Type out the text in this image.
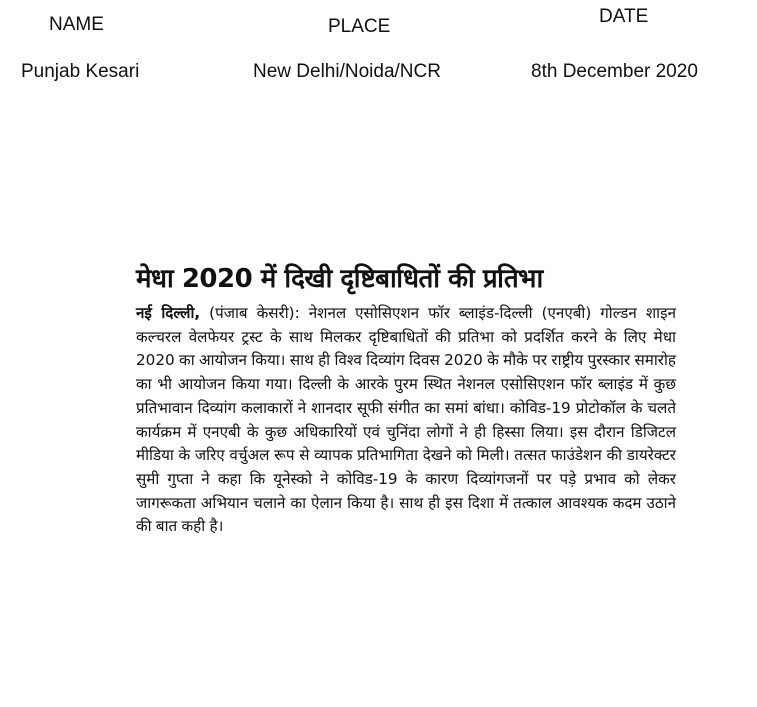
NAME	PLACE	DATE
Punjab Kesari	New Delhi/Noida/NCR	8th December 2020
मेधा 2020 में दिखी दृष्टिबाधितों की प्रतिभा

नई दिल्ली, (पंजाब केसरी): नेशनल एसोसिएशन फॉर ब्लाइंड-दिल्ली (एनएबी) गोल्डन शाइन कल्चरल वेलफेयर ट्रस्ट के साथ मिलकर दृष्टिबाधितों की प्रतिभा को प्रदर्शित करने के लिए मेधा 2020 का आयोजन किया। साथ ही विश्व दिव्यांग दिवस 2020 के मौके पर राष्ट्रीय पुरस्कार समारोह का भी आयोजन किया गया। दिल्ली के आरके पुरम स्थित नेशनल एसोसिएशन फॉर ब्लाइंड में कुछ प्रतिभावान दिव्यांग कलाकारों ने शानदार सूफी संगीत का समां बांधा। कोविड-19 प्रोटोकॉल के चलते कार्यक्रम में एनएबी के कुछ अधिकारियों एवं चुनिंदा लोगों ने ही हिस्सा लिया। इस दौरान डिजिटल मीडिया के जरिए वर्चुअल रूप से व्यापक प्रतिभागिता देखने को मिली। तत्सत फाउंडेशन की डायरेक्टर सुमी गुप्ता ने कहा कि यूनेस्को ने कोविड-19 के कारण दिव्यांगजनों पर पड़े प्रभाव को लेकर जागरूकता अभियान चलाने का ऐलान किया है। साथ ही इस दिशा में तत्काल आवश्यक कदम उठाने की बात कही है।
